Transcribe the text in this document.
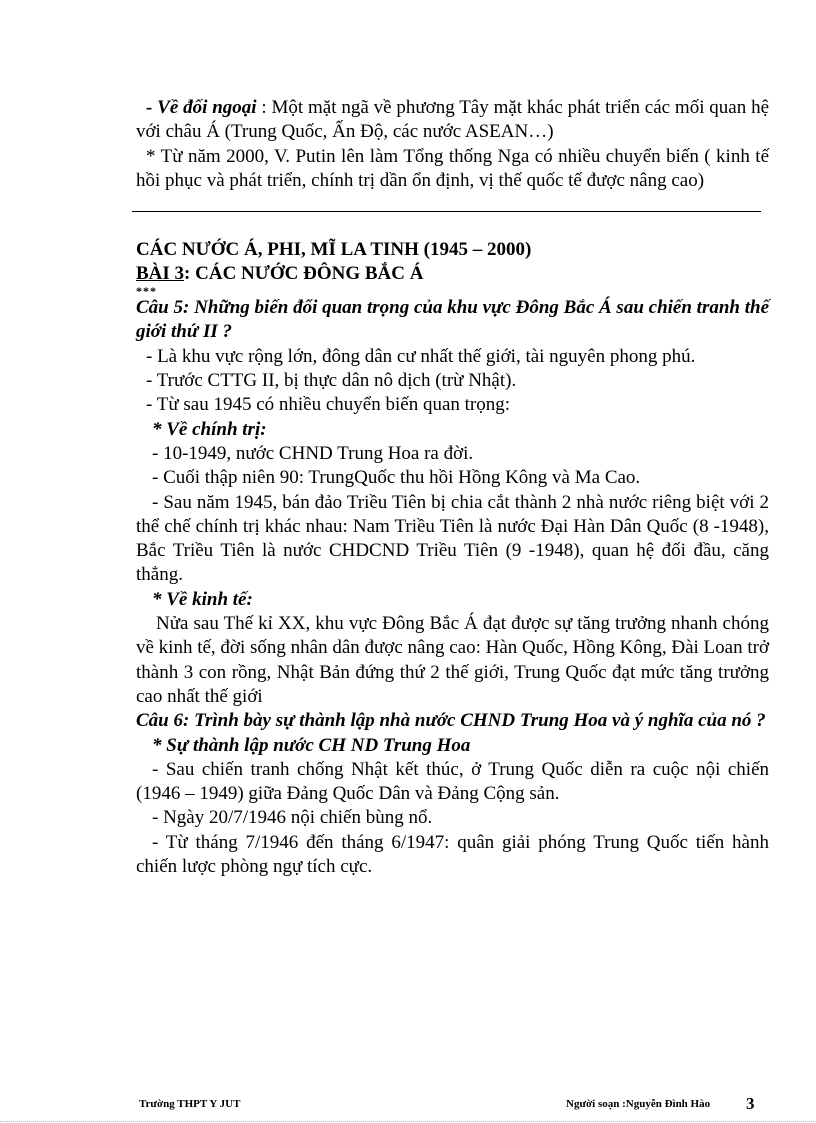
- Về đối ngoại : Một mặt ngã về phương Tây mặt khác phát triển các mối quan hệ với châu Á (Trung Quốc, Ấn Độ, các nước ASEAN…)

* Từ năm 2000, V. Putin lên làm Tổng thống Nga có nhiều chuyển biến ( kinh tế hồi phục và phát triển, chính trị dần ổn định, vị thế quốc tế được nâng cao)

CÁC NƯỚC Á, PHI, MĨ LA TINH (1945 – 2000)

BÀI 3: CÁC NƯỚC ĐÔNG BẮC Á

***

Câu 5: Những biến đổi quan trọng của khu vực Đông Bắc Á sau chiến tranh thế giới thứ II ?

- Là khu vực rộng lớn, đông dân cư nhất thế giới, tài nguyên phong phú.

- Trước CTTG II, bị thực dân nô dịch (trừ Nhật).

- Từ sau 1945 có nhiều chuyển biến quan trọng:

* Về chính trị:

- 10-1949, nước CHND Trung Hoa ra đời.

- Cuối thập niên 90: TrungQuốc thu hồi Hồng Kông và Ma Cao.

- Sau năm 1945, bán đảo Triều Tiên bị chia cắt thành 2 nhà nước riêng biệt với 2 thể chế chính trị khác nhau: Nam Triều Tiên là nước Đại Hàn Dân Quốc (8 -1948), Bắc Triều Tiên là nước CHDCND Triều Tiên (9 -1948), quan hệ đối đầu, căng thẳng.

* Về kinh tế:

Nửa sau Thế kỉ XX, khu vực Đông Bắc Á đạt được sự tăng trưởng nhanh chóng về kinh tế, đời sống nhân dân được nâng cao: Hàn Quốc, Hồng Kông, Đài Loan trở thành 3 con rồng, Nhật Bản đứng thứ 2 thế giới, Trung Quốc đạt mức tăng trưởng cao nhất thế giới

Câu 6: Trình bày sự thành lập nhà nước CHND Trung Hoa và ý nghĩa của nó ?

* Sự thành lập nước CH ND Trung Hoa

- Sau chiến tranh chống Nhật kết thúc, ở Trung Quốc diễn ra cuộc nội chiến (1946 – 1949) giữa Đảng Quốc Dân và Đảng Cộng sản.

- Ngày 20/7/1946 nội chiến bùng nổ.

- Từ tháng 7/1946 đến tháng 6/1947: quân giải phóng Trung Quốc tiến hành chiến lược phòng ngự tích cực.

Trường THPT Y JUT	Người soạn :Nguyễn Đình Hào 3
